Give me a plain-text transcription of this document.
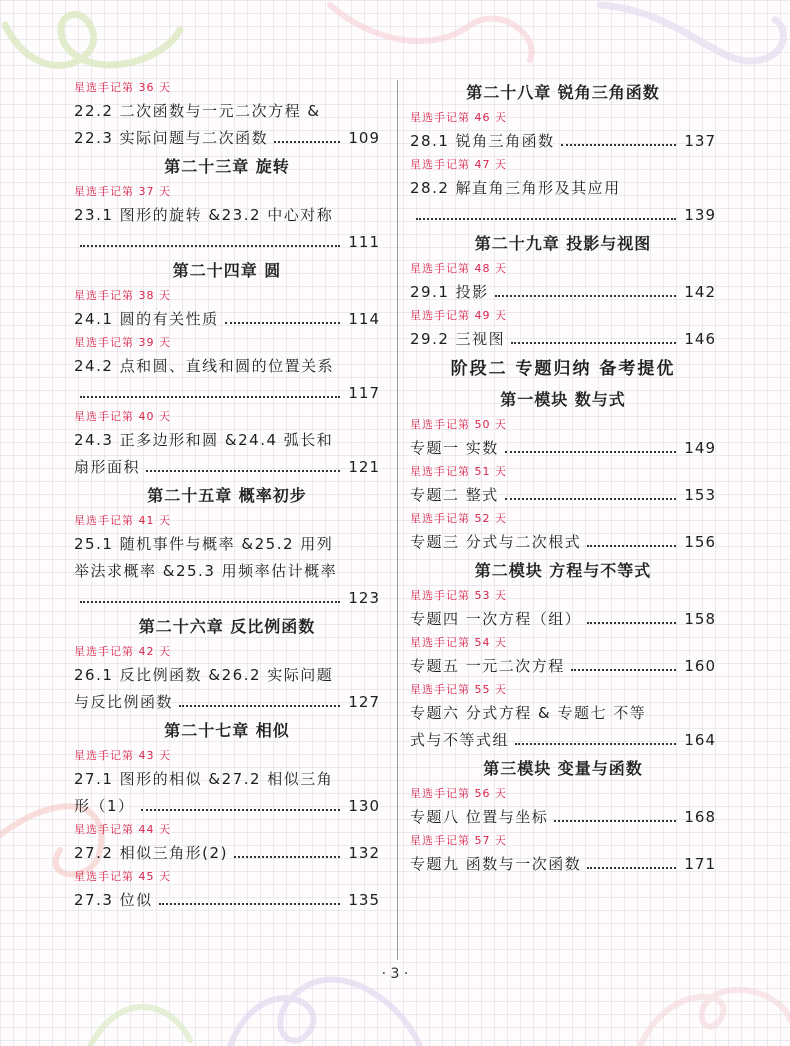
星选手记第 36 天
22.2 二次函数与一元二次方程 &
22.3 实际问题与二次函数	109
第二十三章 旋转
星选手记第 37 天
23.1 图形的旋转 &23.2 中心对称
111
第二十四章 圆
星选手记第 38 天
24.1 圆的有关性质	114
星选手记第 39 天
24.2 点和圆、直线和圆的位置关系
117
星选手记第 40 天
24.3 正多边形和圆 &24.4 弧长和
扇形面积	121
第二十五章 概率初步
星选手记第 41 天
25.1 随机事件与概率 &25.2 用列
举法求概率 &25.3 用频率估计概率
123
第二十六章 反比例函数
星选手记第 42 天
26.1 反比例函数 &26.2 实际问题
与反比例函数	127
第二十七章 相似
星选手记第 43 天
27.1 图形的相似 &27.2 相似三角
形（1）	130
星选手记第 44 天
27.2 相似三角形(2)	132
星选手记第 45 天
27.3 位似	135
第二十八章 锐角三角函数
星选手记第 46 天
28.1 锐角三角函数	137
星选手记第 47 天
28.2 解直角三角形及其应用
139
第二十九章 投影与视图
星选手记第 48 天
29.1 投影	142
星选手记第 49 天
29.2 三视图	146
阶段二 专题归纳 备考提优
第一模块 数与式
星选手记第 50 天
专题一 实数	149
星选手记第 51 天
专题二 整式	153
星选手记第 52 天
专题三 分式与二次根式	156
第二模块 方程与不等式
星选手记第 53 天
专题四 一次方程（组）	158
星选手记第 54 天
专题五 一元二次方程	160
星选手记第 55 天
专题六 分式方程 & 专题七 不等
式与不等式组	164
第三模块 变量与函数
星选手记第 56 天
专题八 位置与坐标	168
星选手记第 57 天
专题九 函数与一次函数	171
· 3 ·
